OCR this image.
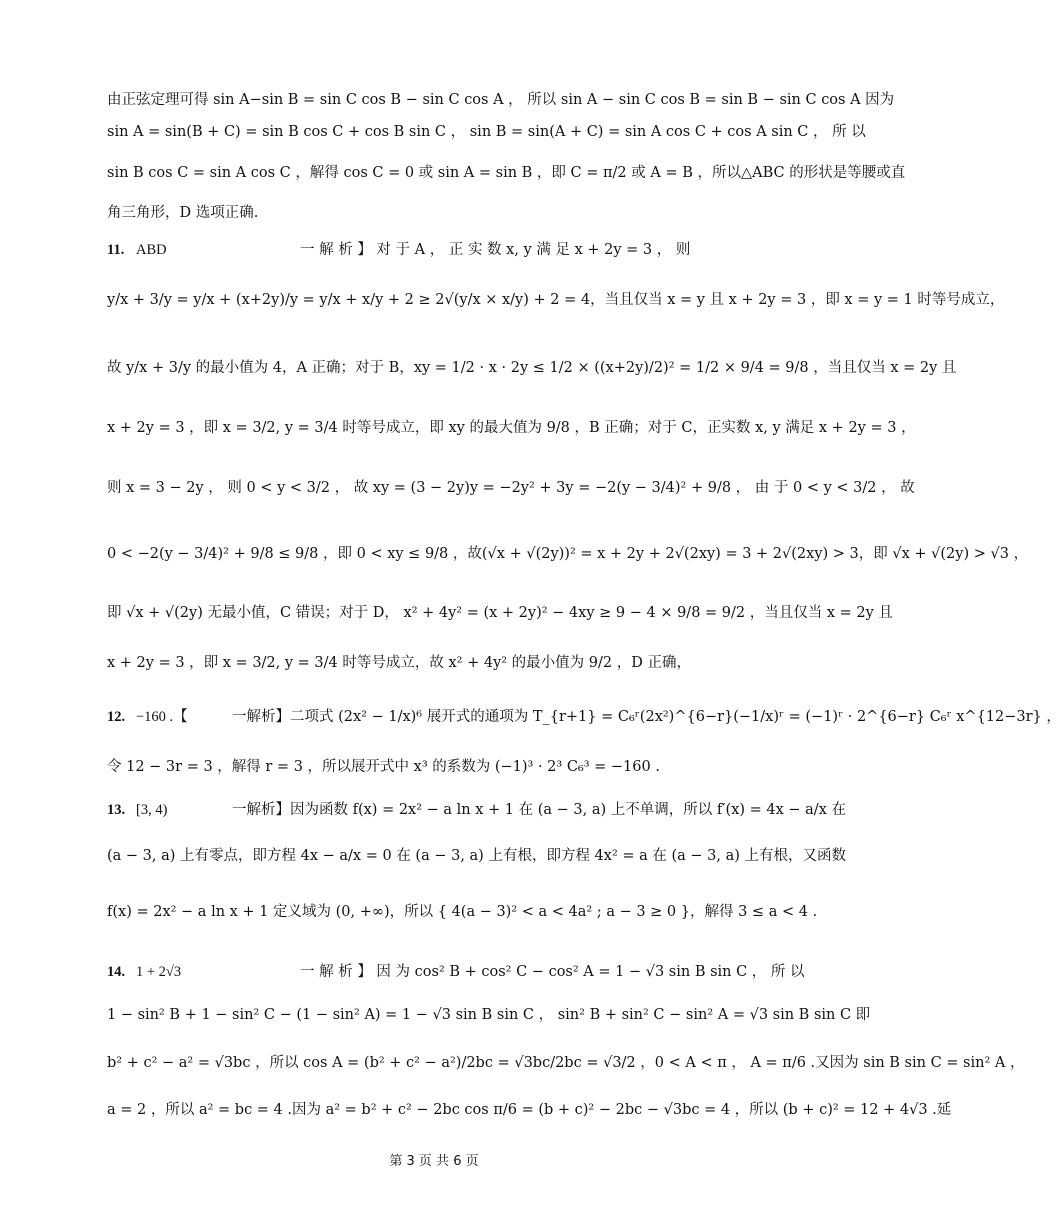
由正弦定理可得 sin A−sin B = sin C cos B − sin C cos A ， 所以 sin A − sin C cos B = sin B − sin C cos A 因为
sin A = sin(B + C) = sin B cos C + cos B sin C ， sin B = sin(A + C) = sin A cos C + cos A sin C ， 所 以
sin B cos C = sin A cos C ，解得 cos C = 0 或 sin A = sin B ，即 C = π/2 或 A = B ，所以△ABC 的形状是等腰或直
角三角形，D 选项正确.
y/x + 3/y = y/x + (x+2y)/y = y/x + x/y + 2 ≥ 2√(y/x × x/y) + 2 = 4，当且仅当 x = y 且 x + 2y = 3 ，即 x = y = 1 时等号成立，
故 y/x + 3/y 的最小值为 4，A 正确；对于 B，xy = 1/2 · x · 2y ≤ 1/2 × ((x+2y)/2)² = 1/2 × 9/4 = 9/8 ，当且仅当 x = 2y 且
x + 2y = 3 ，即 x = 3/2, y = 3/4 时等号成立，即 xy 的最大值为 9/8 ，B 正确；对于 C，正实数 x, y 满足 x + 2y = 3 ，
则 x = 3 − 2y ， 则 0 < y < 3/2 ， 故 xy = (3 − 2y)y = −2y² + 3y = −2(y − 3/4)² + 9/8 ， 由 于 0 < y < 3/2 ， 故
0 < −2(y − 3/4)² + 9/8 ≤ 9/8 ，即 0 < xy ≤ 9/8 ，故(√x + √(2y))² = x + 2y + 2√(2xy) = 3 + 2√(2xy) > 3，即 √x + √(2y) > √3 ，
即 √x + √(2y) 无最小值，C 错误；对于 D， x² + 4y² = (x + 2y)² − 4xy ≥ 9 − 4 × 9/8 = 9/2 ，当且仅当 x = 2y 且
x + 2y = 3 ，即 x = 3/2, y = 3/4 时等号成立，故 x² + 4y² 的最小值为 9/2 ，D 正确，
令 12 − 3r = 3 ，解得 r = 3 ，所以展开式中 x³ 的系数为 (−1)³ · 2³ C₆³ = −160 .
(a − 3, a) 上有零点，即方程 4x − a/x = 0 在 (a − 3, a) 上有根，即方程 4x² = a 在 (a − 3, a) 上有根，又函数
f(x) = 2x² − a ln x + 1 定义域为 (0, +∞)，所以 { 4(a − 3)² < a < 4a² ; a − 3 ≥ 0 }，解得 3 ≤ a < 4 .
1 − sin² B + 1 − sin² C − (1 − sin² A) = 1 − √3 sin B sin C ， sin² B + sin² C − sin² A = √3 sin B sin C 即
b² + c² − a² = √3bc ，所以 cos A = (b² + c² − a²)/2bc = √3bc/2bc = √3/2 ，0 < A < π ， A = π/6 .又因为 sin B sin C = sin² A ，
a = 2 ，所以 a² = bc = 4 .因为 a² = b² + c² − 2bc cos π/6 = (b + c)² − 2bc − √3bc = 4 ，所以 (b + c)² = 12 + 4√3 .延
11. ABD	一 解 析 】 对 于 A ， 正 实 数 x, y 满 足 x + 2y = 3 ， 则
12. −160 .【	一解析】二项式 (2x² − 1/x)⁶ 展开式的通项为 T_{r+1} = C₆ʳ(2x²)^{6−r}(−1/x)ʳ = (−1)ʳ · 2^{6−r} C₆ʳ x^{12−3r} ，
13. [3, 4)	一解析】因为函数 f(x) = 2x² − a ln x + 1 在 (a − 3, a) 上不单调，所以 f′(x) = 4x − a/x 在
14. 1 + 2√3	一 解 析 】 因 为 cos² B + cos² C − cos² A = 1 − √3 sin B sin C ， 所 以
第 3 页 共 6 页
